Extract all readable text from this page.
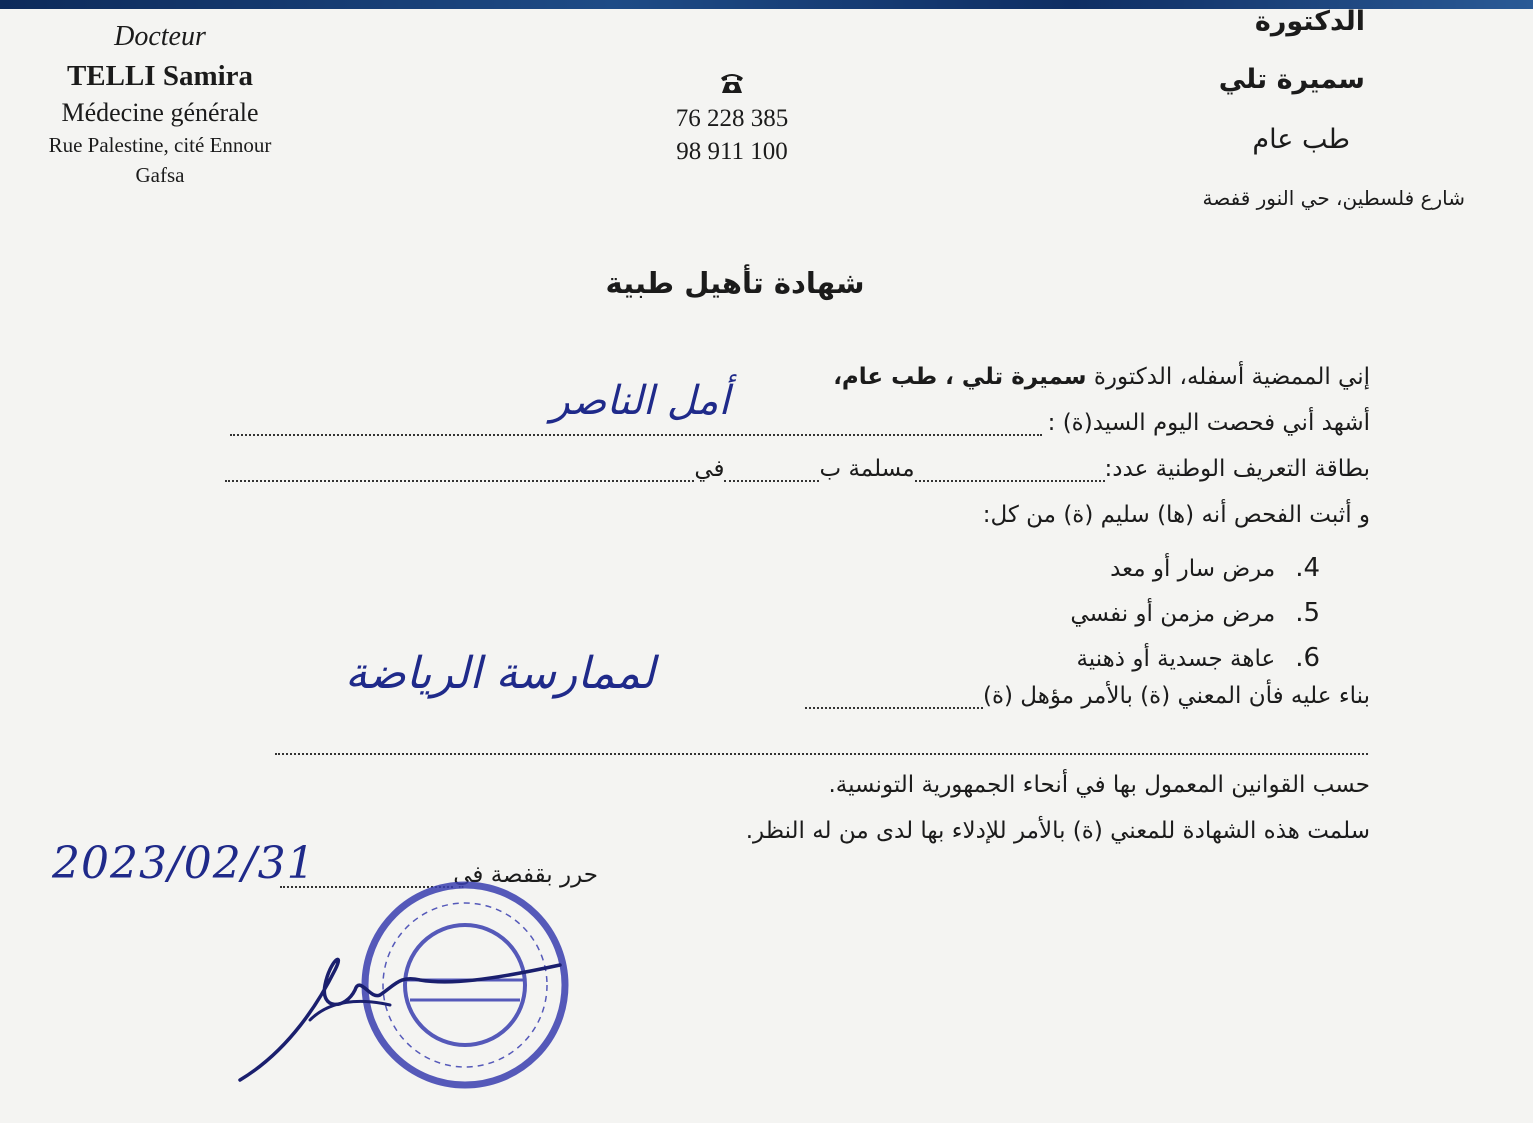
Docteur
TELLI Samira
Médecine générale
Rue Palestine, cité Ennour
Gafsa
76 228 385
98 911 100
الدكتورة
سميرة تلي
طب عام
شارع فلسطين، حي النور قفصة
شهادة تأهيل طبية
إني الممضية أسفله، الدكتورة سميرة تلي ، طب عام،
أشهد أني فحصت اليوم السيد(ة) :
أمل الناصر
بطاقة التعريف الوطنية عدد:
مسلمة ب
في
و أثبت الفحص أنه (ها) سليم (ة) من كل:
4.مرض سار أو معد
5.مرض مزمن أو نفسي
6.عاهة جسدية أو ذهنية
بناء عليه فأن المعني (ة) بالأمر مؤهل (ة)
لممارسة الرياضة
حسب القوانين المعمول بها في أنحاء الجمهورية التونسية.
سلمت هذه الشهادة للمعني (ة) بالأمر للإدلاء بها لدى من له النظر.
حرر بقفصة في
2023/02/31
